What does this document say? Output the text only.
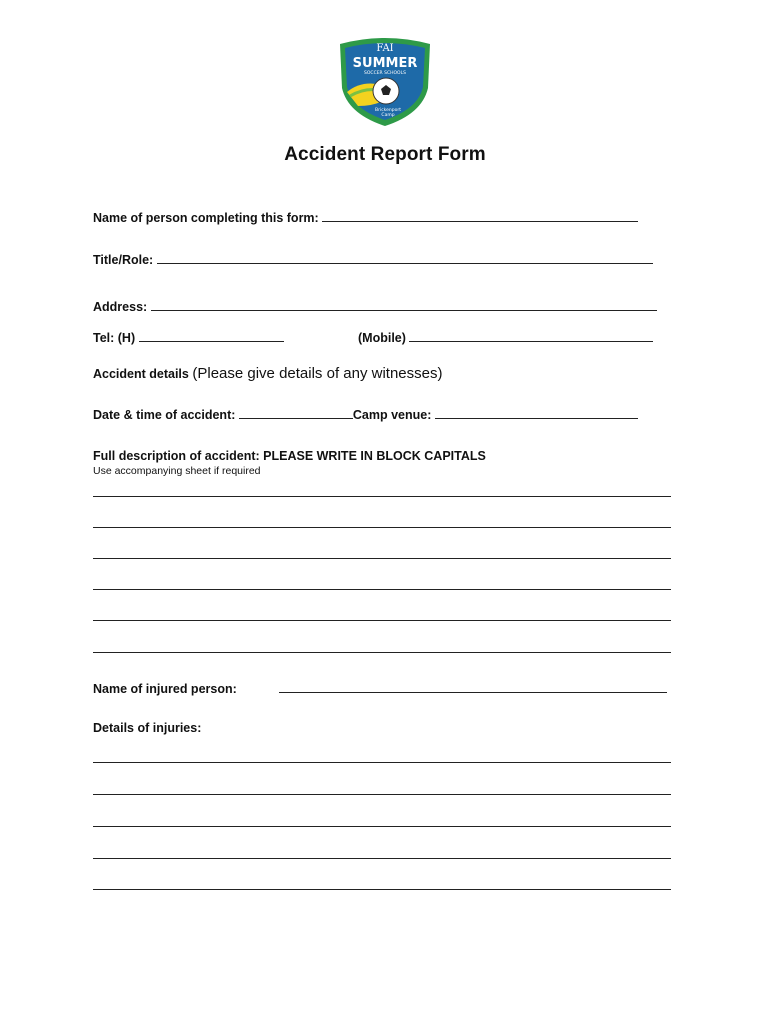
FAI
SUMMER
SOCCER SCHOOLS
Brickenport
Camp
Accident Report Form
Name of person completing this form:
Title/Role:
Address:
Tel: (H)	(Mobile)
Accident details (Please give details of any witnesses)
Date & time of accident:	Camp venue:
Full description of accident: PLEASE WRITE IN BLOCK CAPITALS
Use accompanying sheet if required
Name of injured person:
Details of injuries:
